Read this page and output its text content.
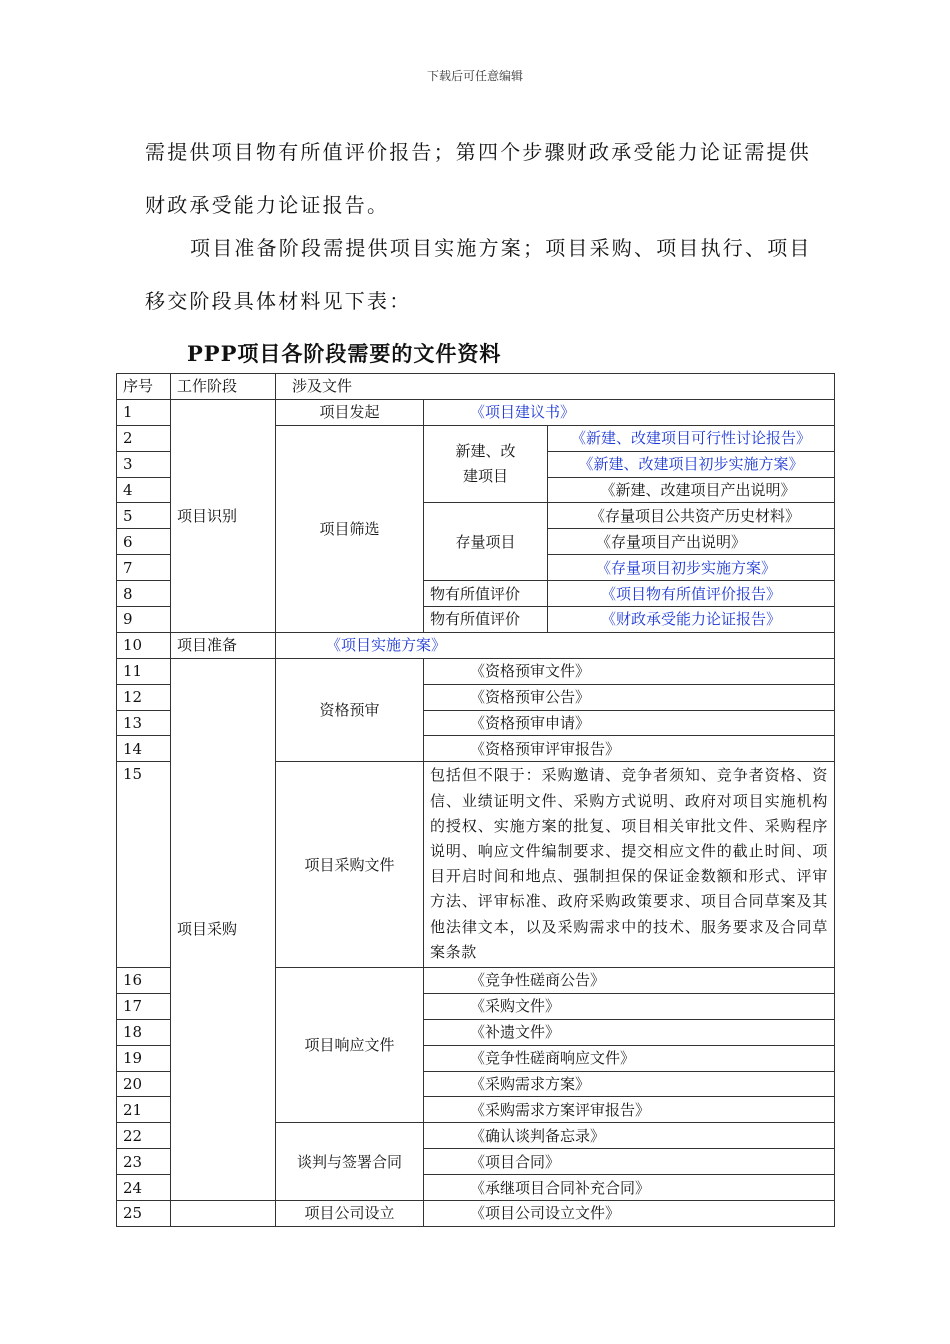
下载后可任意编辑

需提供项目物有所值评价报告；第四个步骤财政承受能力论证需提供财政承受能力论证报告。

项目准备阶段需提供项目实施方案；项目采购、项目执行、项目移交阶段具体材料见下表：

PPP项目各阶段需要的文件资料
序号	工作阶段	涉及文件		
1	项目识别	项目发起	《项目建议书》	
2		项目筛选	新建、改建项目	《新建、改建项目可行性讨论报告》
3				《新建、改建项目初步实施方案》
4				《新建、改建项目产出说明》
5			存量项目	《存量项目公共资产历史材料》
6				《存量项目产出说明》
7				《存量项目初步实施方案》
8			物有所值评价	《项目物有所值评价报告》
9			物有所值评价	《财政承受能力论证报告》
10	项目准备	《项目实施方案》		
11	项目采购	资格预审	《资格预审文件》	
12			《资格预审公告》	
13			《资格预审申请》	
14			《资格预审评审报告》	
15		项目采购文件	包括但不限于：采购邀请、竞争者须知、竞争者资格、资信、业绩证明文件、采购方式说明、政府对项目实施机构的授权、实施方案的批复、项目相关审批文件、采购程序说明、响应文件编制要求、提交相应文件的截止时间、项目开启时间和地点、强制担保的保证金数额和形式、评审方法、评审标准、政府采购政策要求、项目合同草案及其他法律文本，以及采购需求中的技术、服务要求及合同草案条款	
16		项目响应文件	《竞争性磋商公告》	
17			《采购文件》	
18			《补遗文件》	
19			《竞争性磋商响应文件》	
20			《采购需求方案》	
21			《采购需求方案评审报告》	
22		谈判与签署合同	《确认谈判备忘录》	
23			《项目合同》	
24			《承继项目合同补充合同》	
25		项目公司设立	《项目公司设立文件》	
